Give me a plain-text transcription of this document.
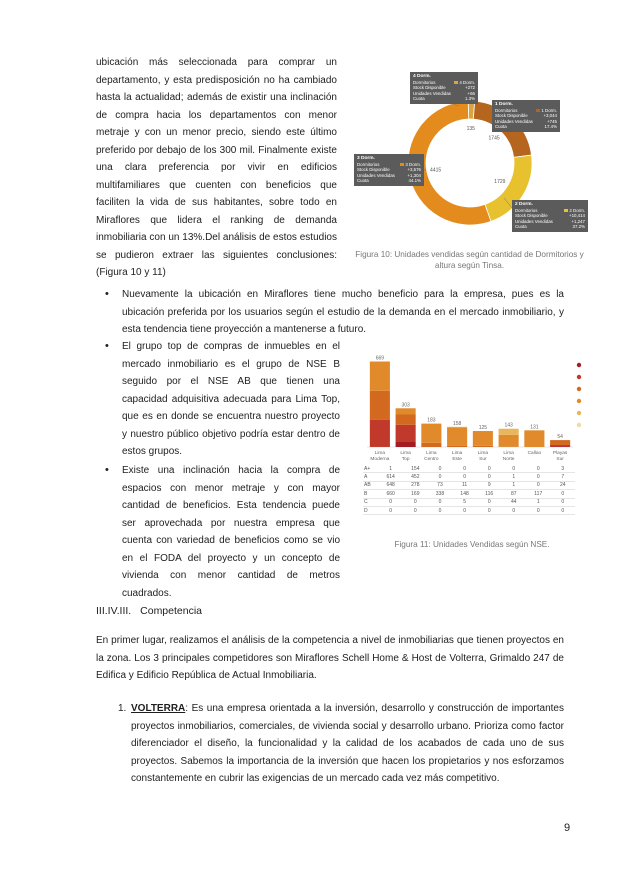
ubicación más seleccionada para comprar un departamento, y esta predisposición no ha cambiado hasta la actualidad; además de existir una inclinación de compra hacia los departamentos con menor metraje y con un menor precio, siendo este último preferido por debajo de los 300 mil. Finalmente existe una clara preferencia por vivir en edificios multifamiliares que cuenten con beneficios que faciliten la vida de sus habitantes, sobre todo en Miraflores que lidera el ranking de demanda inmobiliaria con un 13%.Del análisis de estos estudios se pudieron extraer las siguientes conclusiones: (Figura 10 y 11)

135
1745
1729
4415
4 Dorm.
Dormitorios	4 Dorm.
Stock Disponible	+272
Unidades Vendidas	+66
Cuota	1.3%
1 Dorm.
Dormitorios	1 Dorm.
Stock Disponible	+3,044
Unidades Vendidas	+745
Cuota	17.4%
3 Dorm.
Dormitorios	3 Dorm.
Stock Disponible	+3,576
Unidades Vendidas	+1,304
Cuota	44.1%
2 Dorm.
Dormitorios	2 Dorm.
Stock Disponible	+10,414
Unidades Vendidas	+1,247
Cuota	37.2%
Figura 10: Unidades vendidas según cantidad de Dormitorios y altura según Tinsa.
• Nuevamente la ubicación en Miraflores tiene mucho beneficio para la empresa, pues es la ubicación preferida por los usuarios según el estudio de la demanda en el mercado inmobiliario, y esta tendencia tiene proyección a mantenerse a futuro.
• El grupo top de compras de inmuebles en el mercado inmobiliario es el grupo de NSE B seguido por el NSE AB que tienen una capacidad adquisitiva adecuada para Lima Top, que es en donde se encuentra nuestro proyecto y nuestro público objetivo podría estar dentro de estos grupos.
• Existe una inclinación hacia la compra de espacios con menor metraje y con mayor cantidad de beneficios. Esta tendencia puede ser aprovechada por nuestra empresa que cuenta con variedad de beneficios como se vio en el FODA del proyecto y un concepto de vivienda con menor cantidad de metros cuadrados.
669
Lima
Moderna
303
Lima
Top
183
Lima
Centro
158
Lima
Este
125
Lima
Sur
143
Lima
Norte
131
Callao
54
Playas
Sur
A+	1	154	0	0	0	0	0	3
A	614	452	0	0	0	1	0	7
AB	648	278	73	11	9	1	0	24
B	660	169	338	148	116	87	117	0
C	0	0	0	5	0	44	1	0
D	0	0	0	0	0	0	0	0
Figura 11: Unidades Vendidas según NSE.
III.IV.III. Competencia

En primer lugar, realizamos el análisis de la competencia a nivel de inmobiliarias que tienen proyectos en la zona. Los 3 principales competidores son Miraflores Schell Home & Host de Volterra, Grimaldo 247 de Edifica y Edificio República de Actual Inmobiliaria.

1. VOLTERRA: Es una empresa orientada a la inversión, desarrollo y construcción de importantes proyectos inmobiliarios, comerciales, de vivienda social y desarrollo urbano. Prioriza como factor diferenciador el diseño, la funcionalidad y la calidad de los acabados de cada uno de sus proyectos. Sabemos la importancia de la inversión que hacen los propietarios y nos esforzamos constantemente en cubrir las exigencias de un mercado cada vez más competitivo.
9
